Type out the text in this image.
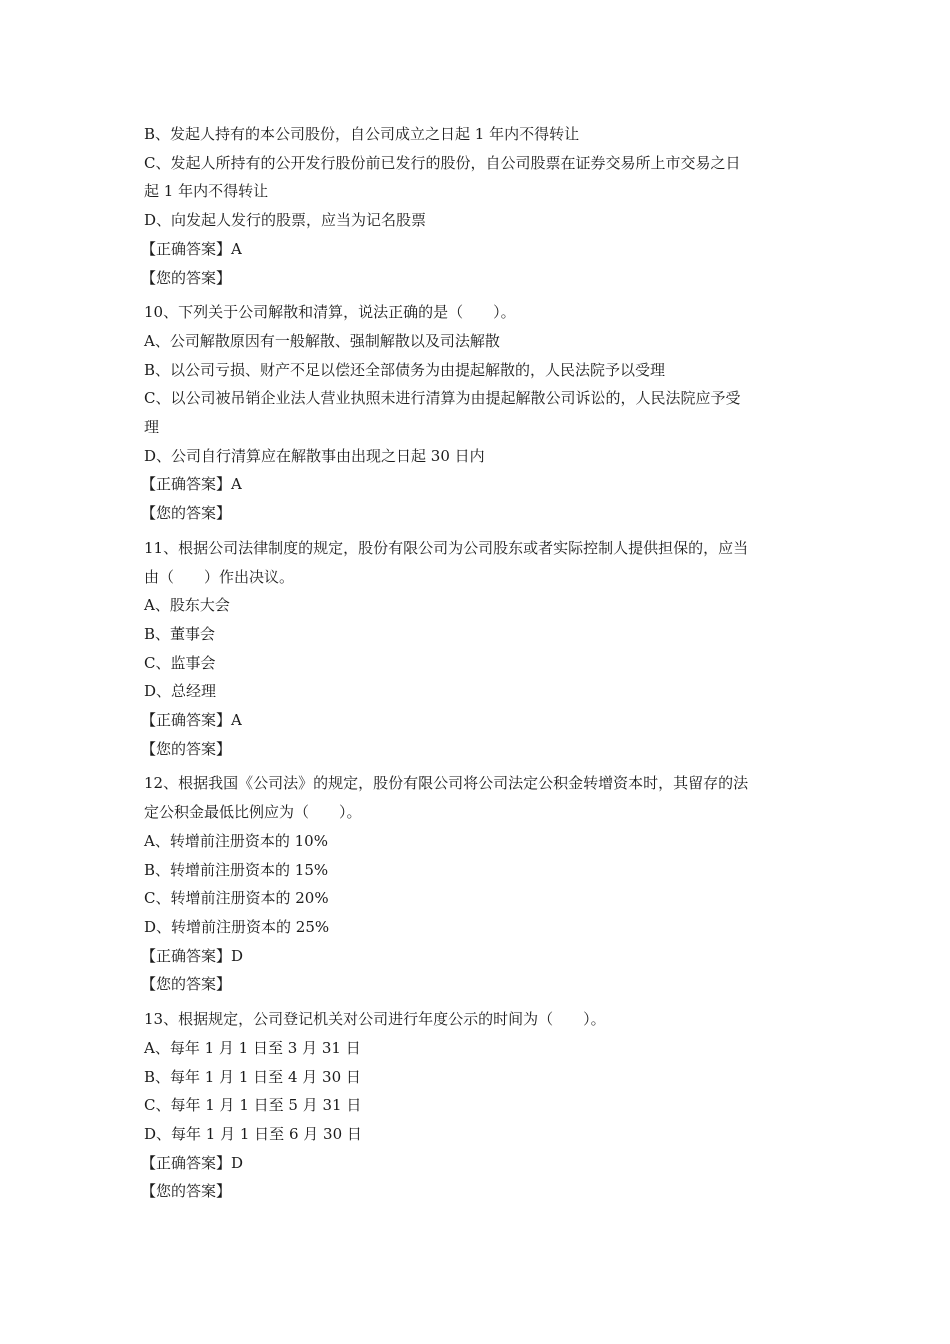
B、发起人持有的本公司股份，自公司成立之日起 1 年内不得转让
C、发起人所持有的公开发行股份前已发行的股份，自公司股票在证券交易所上市交易之日
起 1 年内不得转让
D、向发起人发行的股票，应当为记名股票
【正确答案】A
【您的答案】
10、下列关于公司解散和清算，说法正确的是（　　）。
A、公司解散原因有一般解散、强制解散以及司法解散
B、以公司亏损、财产不足以偿还全部债务为由提起解散的，人民法院予以受理
C、以公司被吊销企业法人营业执照未进行清算为由提起解散公司诉讼的，人民法院应予受
理
D、公司自行清算应在解散事由出现之日起 30 日内
【正确答案】A
【您的答案】
11、根据公司法律制度的规定，股份有限公司为公司股东或者实际控制人提供担保的，应当
由（　　）作出决议。
A、股东大会
B、董事会
C、监事会
D、总经理
【正确答案】A
【您的答案】
12、根据我国《公司法》的规定，股份有限公司将公司法定公积金转增资本时，其留存的法
定公积金最低比例应为（　　）。
A、转增前注册资本的 10%
B、转增前注册资本的 15%
C、转增前注册资本的 20%
D、转增前注册资本的 25%
【正确答案】D
【您的答案】
13、根据规定，公司登记机关对公司进行年度公示的时间为（　　）。
A、每年 1 月 1 日至 3 月 31 日
B、每年 1 月 1 日至 4 月 30 日
C、每年 1 月 1 日至 5 月 31 日
D、每年 1 月 1 日至 6 月 30 日
【正确答案】D
【您的答案】
